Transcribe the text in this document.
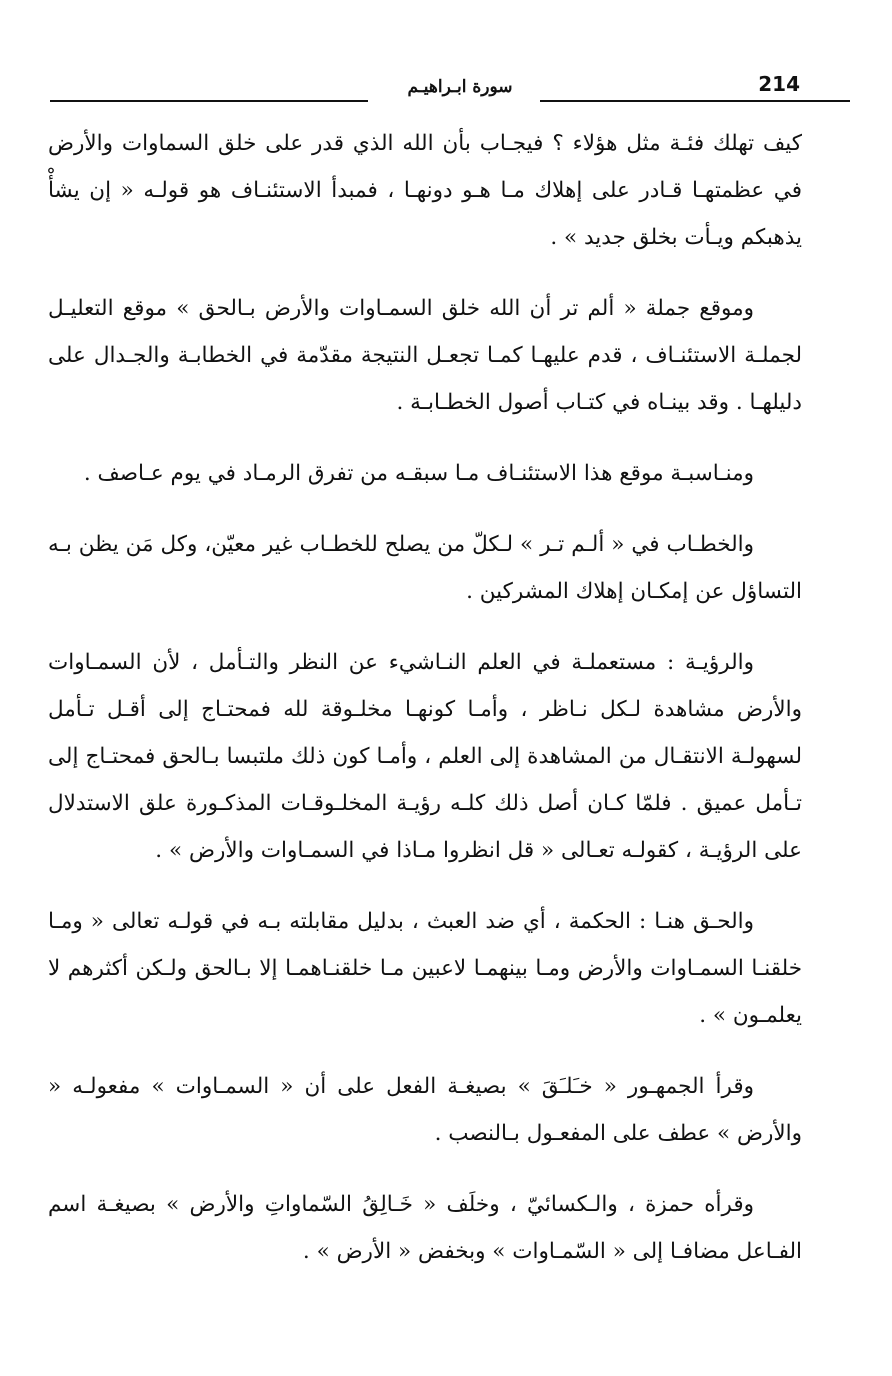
214
سورة ابـراهيـم

كيف تهلك فئـة مثل هؤلاء ؟ فيجـاب بأن الله الذي قدر على خلق السماوات والأرض في عظمتهـا قـادر على إهلاك مـا هـو دونهـا ، فمبدأ الاستئنـاف هو قولـه « إن يشأْ يذهبكم ويـأت بخلق جديد » .

وموقع جملة « ألم تر أن الله خلق السمـاوات والأرض بـالحق » موقع التعليـل لجملـة الاستئنـاف ، قدم عليهـا كمـا تجعـل النتيجة مقدّمة في الخطابـة والجـدال على دليلهـا . وقد بينـاه في كتـاب أصول الخطـابـة .

ومنـاسبـة موقع هذا الاستئنـاف مـا سبقـه من تفرق الرمـاد في يوم عـاصف .

والخطـاب في « ألـم تـر » لـكلّ من يصلح للخطـاب غير معيّن، وكل مَن يظن بـه التساؤل عن إمكـان إهلاك المشركين .

والرؤيـة : مستعملـة في العلم النـاشيء عن النظر والتـأمل ، لأن السمـاوات والأرض مشاهدة لـكل نـاظر ، وأمـا كونهـا مخلـوقة لله فمحتـاج إلى أقـل تـأمل لسهولـة الانتقـال من المشاهدة إلى العلم ، وأمـا كون ذلك ملتبسا بـالحق فمحتـاج إلى تـأمل عميق . فلمّا كـان أصل ذلك كلـه رؤيـة المخلـوقـات المذكـورة علق الاستدلال على الرؤيـة ، كقولـه تعـالى « قل انظروا مـاذا في السمـاوات والأرض » .

والحـق هنـا : الحكمة ، أي ضد العبث ، بدليل مقابلته بـه في قولـه تعالى « ومـا خلقنـا السمـاوات والأرض ومـا بينهمـا لاعبين مـا خلقنـاهمـا إلا بـالحق ولـكن أكثرهم لا يعلمـون » .

وقرأ الجمهـور « خـَلـَقَ » بصيغـة الفعل على أن « السمـاوات » مفعولـه « والأرض » عطف على المفعـول بـالنصب .

وقرأه حمزة ، والـكسائيّ ، وخلَف « خَـالِقُ السّماواتِ والأرض » بصيغـة اسم الفـاعل مضافـا إلى « السّمـاوات » وبخفض « الأرض » .
